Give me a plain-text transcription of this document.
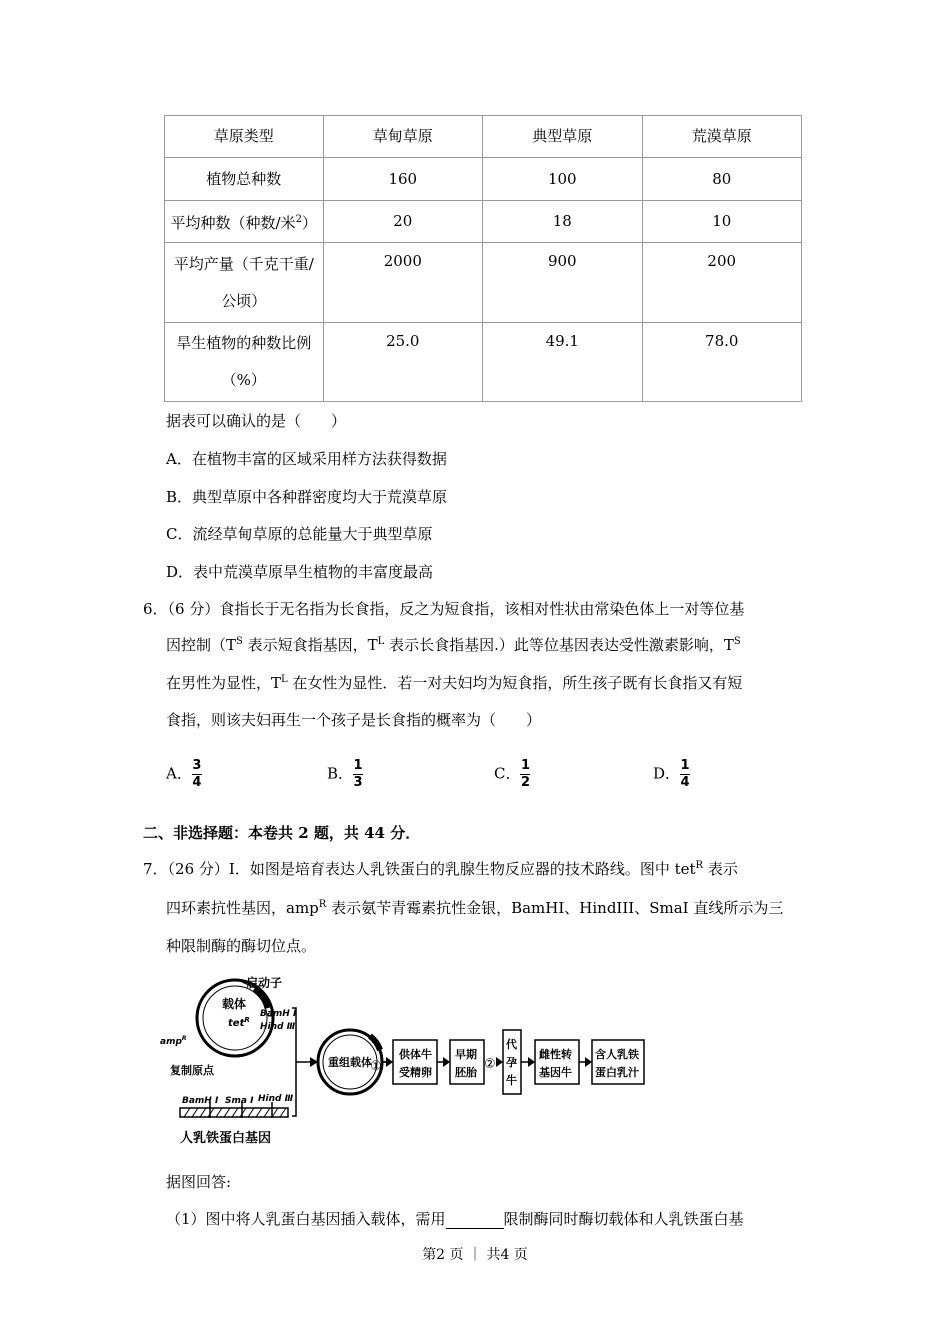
草原类型	草甸草原	典型草原	荒漠草原
植物总种数	160	100	80
平均种数（种数/米$^2$）	20	18	10

平均产量（千克干重/
公顷）	2000	900	200

旱生植物的种数比例
（%）	25.0	49.1	78.0
据表可以确认的是（　　）
A．在植物丰富的区域采用样方法获得数据
B．典型草原中各种群密度均大于荒漠草原
C．流经草甸草原的总能量大于典型草原
D．表中荒漠草原旱生植物的丰富度最高
6．（6 分）食指长于无名指为长食指，反之为短食指，该相对性状由常染色体上一对等位基
因控制（$T^S$ 表示短食指基因，$T^L$ 表示长食指基因.）此等位基因表达受性激素影响，$T^S$
在男性为显性，$T^L$ 在女性为显性．若一对夫妇均为短食指，所生孩子既有长食指又有短
食指，则该夫妇再生一个孩子是长食指的概率为（　　）
A． $\frac{3}{4}$	B． $\frac{1}{3}$	C． $\frac{1}{2}$	D． $\frac{1}{4}$
二、非选择题：本卷共 2 题，共 44 分．
7．（26 分）Ⅰ．如图是培育表达人乳铁蛋白的乳腺生物反应器的技术路线。图中 tet$^R$ 表示
四环素抗性基因，amp$^R$ 表示氨苄青霉素抗性金银，BamHI、HindIII、SmaI 直线所示为三
种限制酶的酶切位点。
载体
tet$^R$
启动子
BamH I
Hind Ⅲ
amp$^R$
复制原点
BamH I Sma I Hind Ⅲ
人乳铁蛋白基因
重组载体
①
供体牛
受精卵
早期
胚胎
②
代
孕
牛
雌性转
基因牛
含人乳铁
蛋白乳汁
据图回答:
（1）图中将人乳蛋白基因插入载体，需用	限制酶同时酶切载体和人乳铁蛋白基
第2 页 ｜ 共4 页
